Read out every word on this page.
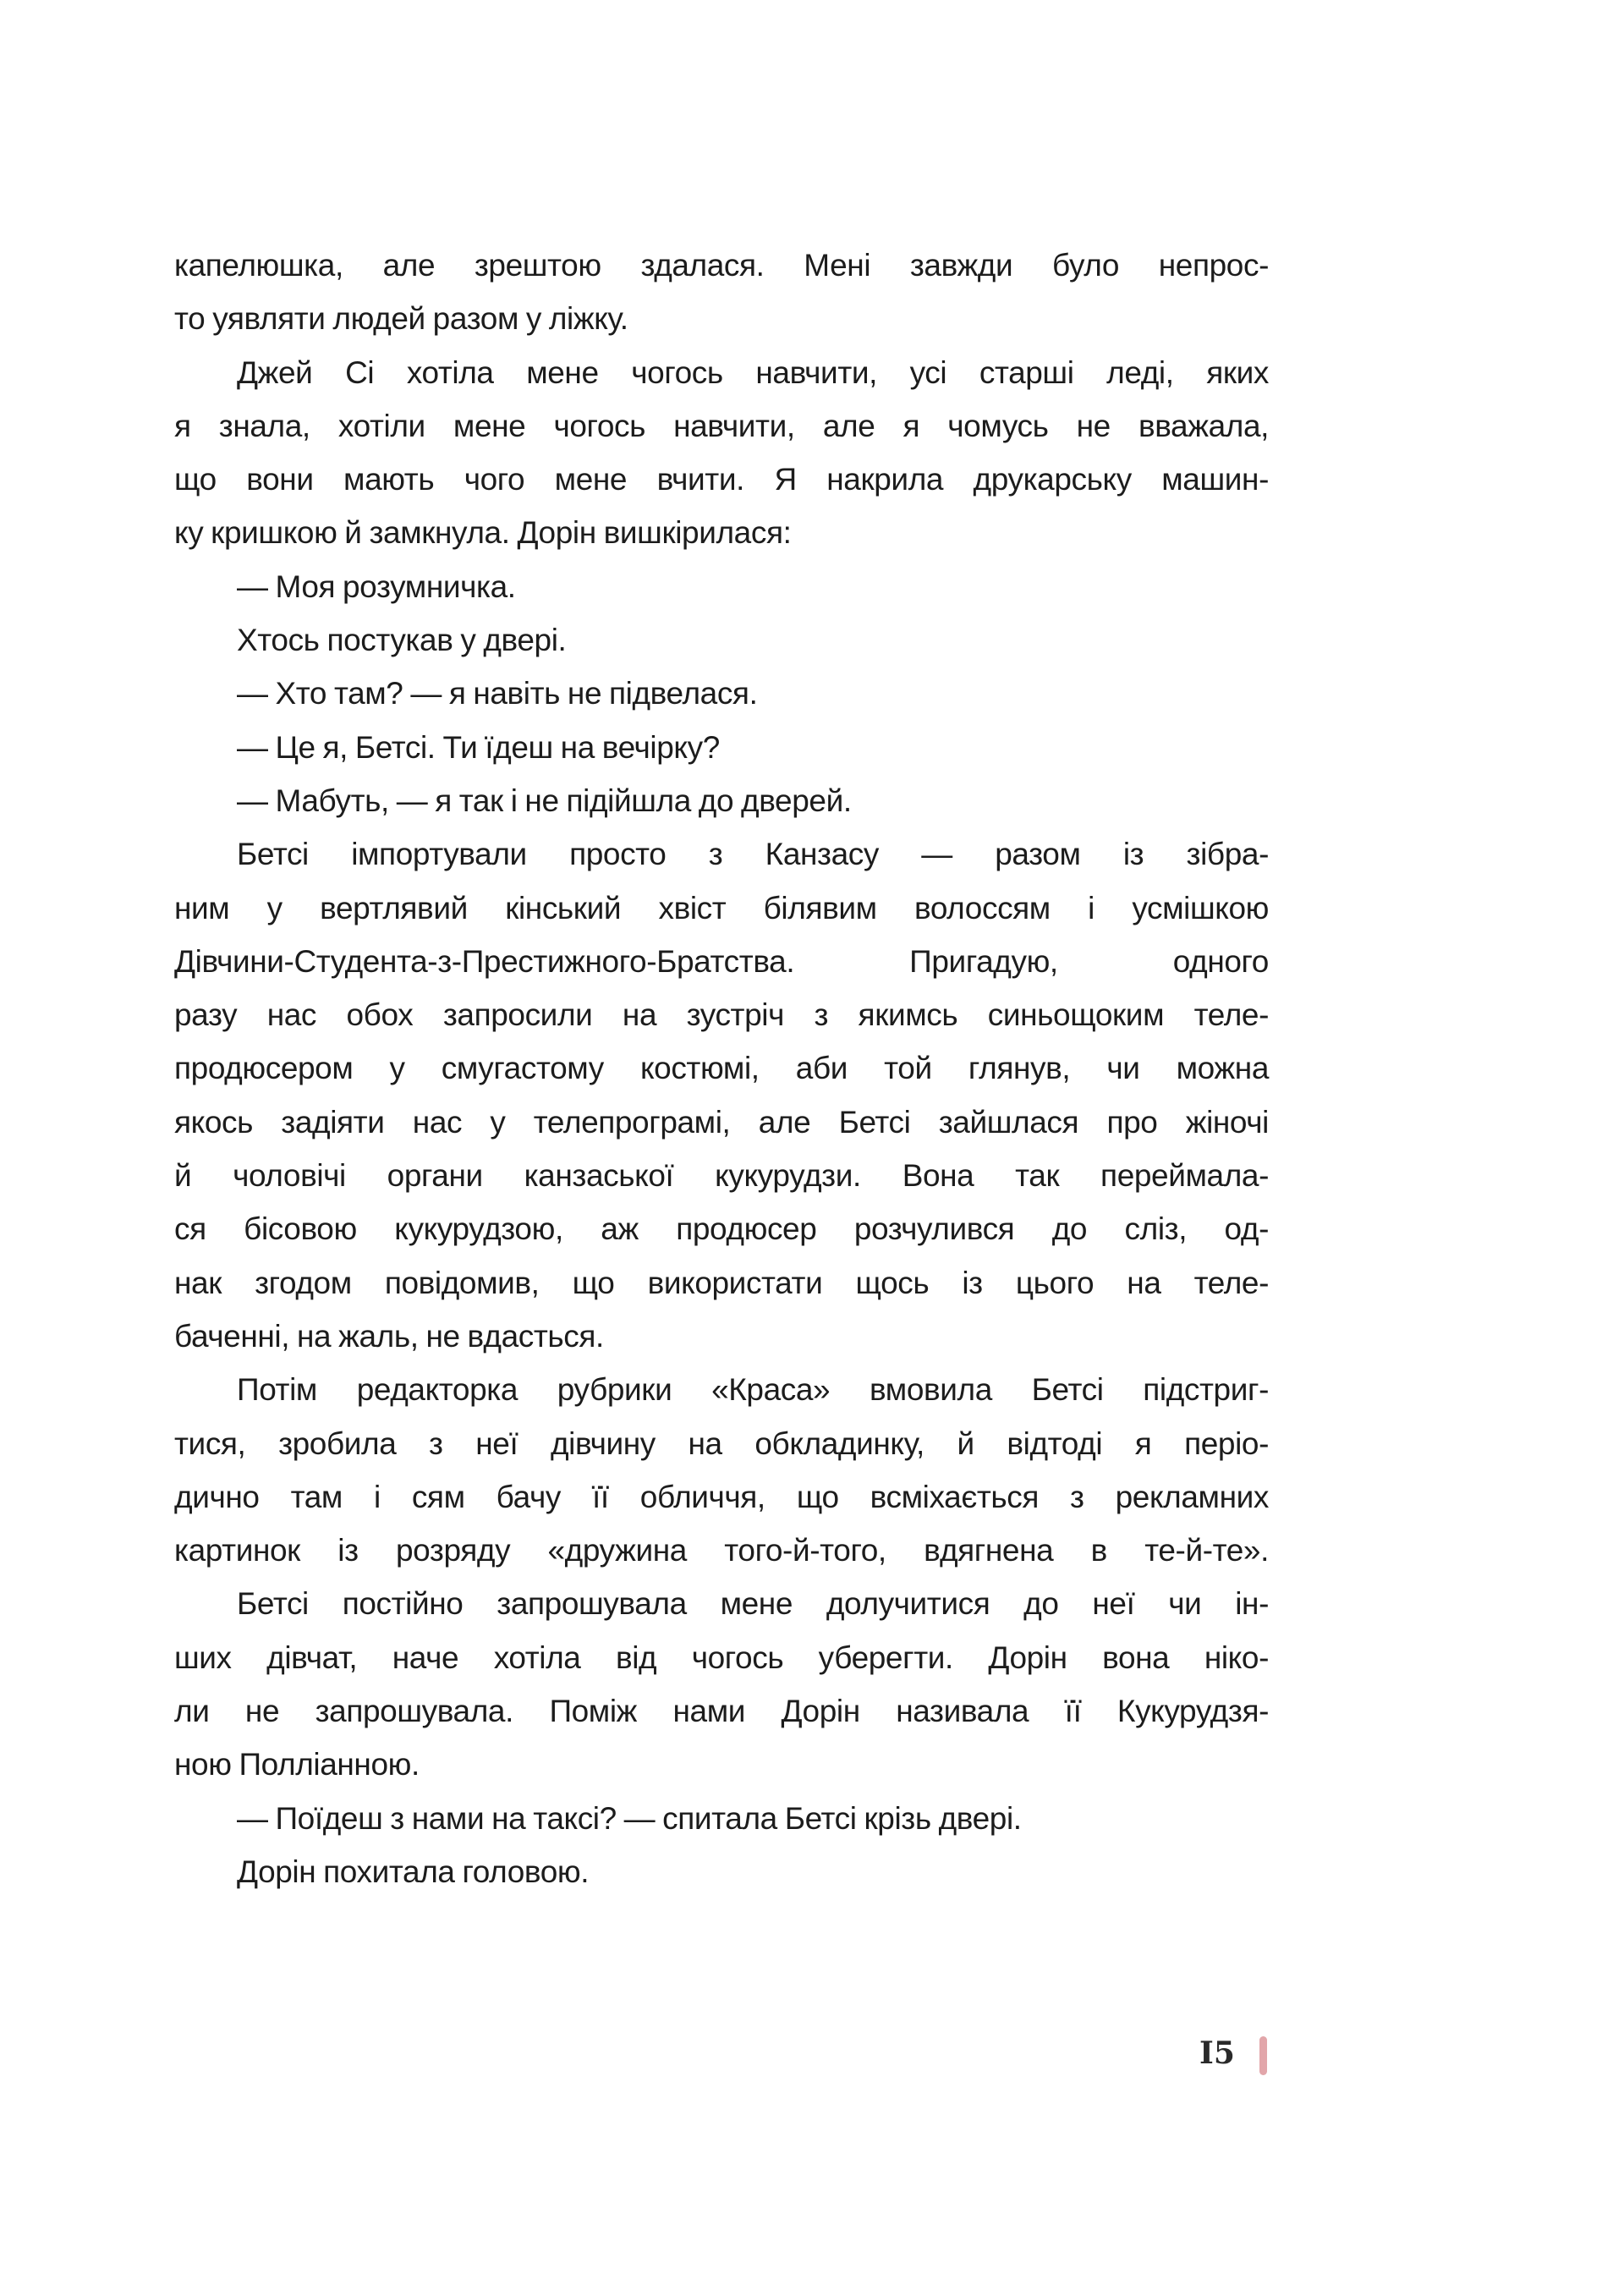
капелюшка, але зрештою здалася. Мені завжди було непрос-
то уявляти людей разом у ліжку.
Джей Сі хотіла мене чогось навчити, усі старші леді, яких
я знала, хотіли мене чогось навчити, але я чомусь не вважала,
що вони мають чого мене вчити. Я накрила друкарську машин-
ку кришкою й замкнула. Дорін вишкірилася:
— Моя розумничка.
Хтось постукав у двері.
— Хто там? — я навіть не підвелася.
— Це я, Бетсі. Ти їдеш на вечірку?
— Мабуть, — я так і не підійшла до дверей.
Бетсі імпортували просто з Канзасу — разом із зібра-
ним у вертлявий кінський хвіст білявим волоссям і усмішкою
Дівчини-Студента-з-Престижного-Братства. Пригадую, одного
разу нас обох запросили на зустріч з якимсь синьощоким теле-
продюсером у смугастому костюмі, аби той глянув, чи можна
якось задіяти нас у телепрограмі, але Бетсі зайшлася про жіночі
й чоловічі органи канзаської кукурудзи. Вона так переймала-
ся бісовою кукурудзою, аж продюсер розчулився до сліз, од-
нак згодом повідомив, що використати щось із цього на теле-
баченні, на жаль, не вдасться.
Потім редакторка рубрики «Краса» вмовила Бетсі підстриг-
тися, зробила з неї дівчину на обкладинку, й відтоді я періо-
дично там і сям бачу її обличчя, що всміхається з рекламних
картинок із розряду «дружина того-й-того, вдягнена в те-й-те».
Бетсі постійно запрошувала мене долучитися до неї чи ін-
ших дівчат, наче хотіла від чогось уберегти. Дорін вона ніко-
ли не запрошувала. Поміж нами Дорін називала її Кукурудзя-
ною Полліанною.
— Поїдеш з нами на таксі? — спитала Бетсі крізь двері.
Дорін похитала головою.
I5
